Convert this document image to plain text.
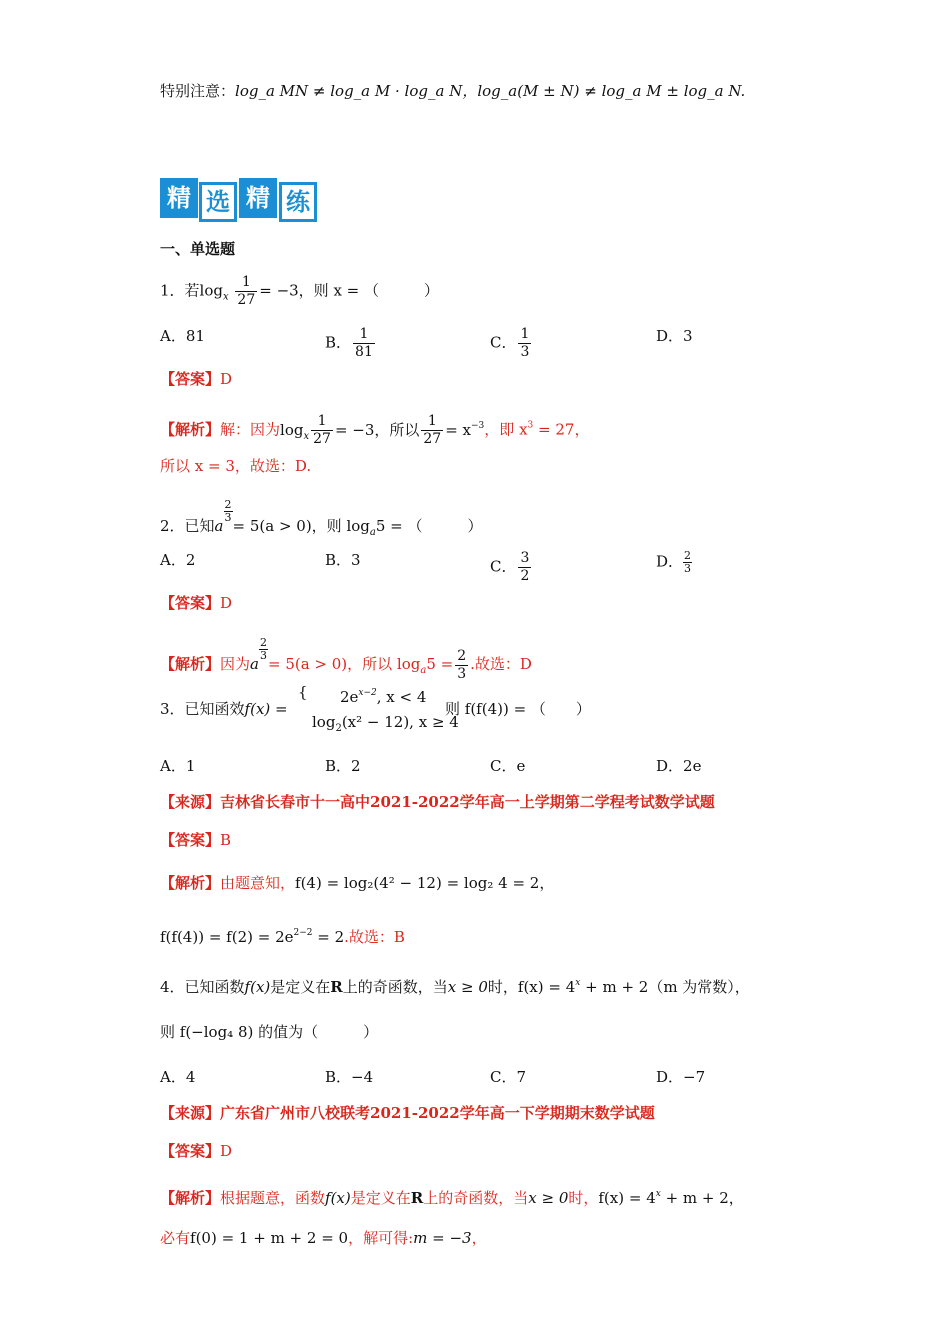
特别注意：log_a MN ≠ log_a M · log_a N，log_a(M ± N) ≠ log_a M ± log_a N.
精 选 精 练
一、单选题
1．若$\log_x \frac{1}{27} = -3$，则 x = （　　　）
A．81	B． $\frac{1}{81}$	C． $\frac{1}{3}$	D．3
【答案】D
【解析】解：因为$\log_x \frac{1}{27} = -3$，所以 $\frac{1}{27} = x^{-3}$，即 $x^3 = 27$，
所以 x = 3，故选：D.
2．已知a
$\frac{2}{3}$
= 5(a > 0)，则 $\log_a5$ = （　　　）
A．2	B．3	C． $\frac{3}{2}$	D． $\frac{2}{3}$
【答案】D
【解析】因为a
$\frac{2}{3}$
= 5(a > 0)，所以 $\log_a5 = \frac{2}{3}$ .故选：D
3．已知函效f(x) =
{ $2e^{x-2}$, x < 4
$\log_2(x^2 - 12)$, x ≥ 4
则 f(f(4)) = （　　）
A．1	B．2	C．e	D．2e
【来源】吉林省长春市十一高中2021-2022学年高一上学期第二学程考试数学试题
【答案】B
【解析】由题意知，f(4) = log₂(4² − 12) = log₂ 4 = 2，
$f(f(4)) = f(2) = 2e^{2-2} = 2$.故选：B
4．已知函数f(x)是定义在R上的奇函数，当x ≥ 0时，$f(x) = 4^x + m + 2(m$ 为常数），
则 f(−log₄ 8) 的值为（　　　）
A．4	B．−4	C．7	D．−7
【来源】广东省广州市八校联考2021-2022学年高一下学期期末数学试题
【答案】D
【解析】根据题意，函数f(x)是定义在R上的奇函数，当x ≥ 0时，$f(x) = 4^x + m + 2$，
必有f(0) = 1 + m + 2 = 0，解可得:m = −3，
